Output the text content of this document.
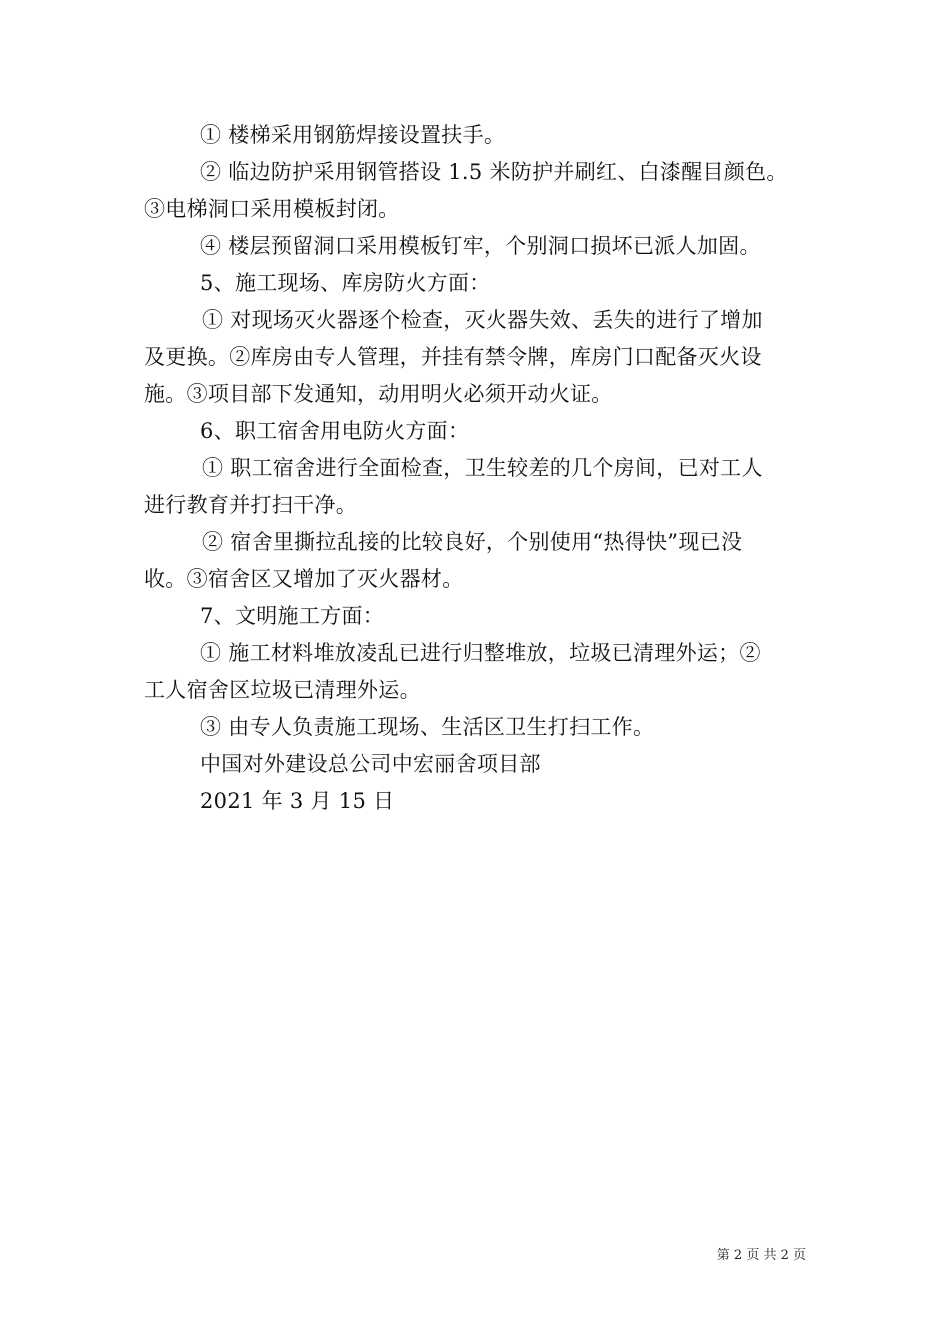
① 楼梯采用钢筋焊接设置扶手。
② 临边防护采用钢管搭设 1.5 米防护并刷红、白漆醒目颜色。
③电梯洞口采用模板封闭。
④ 楼层预留洞口采用模板钉牢，个别洞口损坏已派人加固。
5、施工现场、库房防火方面：
① 对现场灭火器逐个检查，灭火器失效、丢失的进行了增加
及更换。②库房由专人管理，并挂有禁令牌，库房门口配备灭火设
施。③项目部下发通知，动用明火必须开动火证。
6、职工宿舍用电防火方面：
① 职工宿舍进行全面检查，卫生较差的几个房间，已对工人
进行教育并打扫干净。
② 宿舍里撕拉乱接的比较良好，个别使用“热得快”现已没
收。③宿舍区又增加了灭火器材。
7、文明施工方面：
① 施工材料堆放凌乱已进行归整堆放，垃圾已清理外运；②
工人宿舍区垃圾已清理外运。
③ 由专人负责施工现场、生活区卫生打扫工作。
中国对外建设总公司中宏丽舍项目部
2021 年 3 月 15 日
第 2 页 共 2 页
